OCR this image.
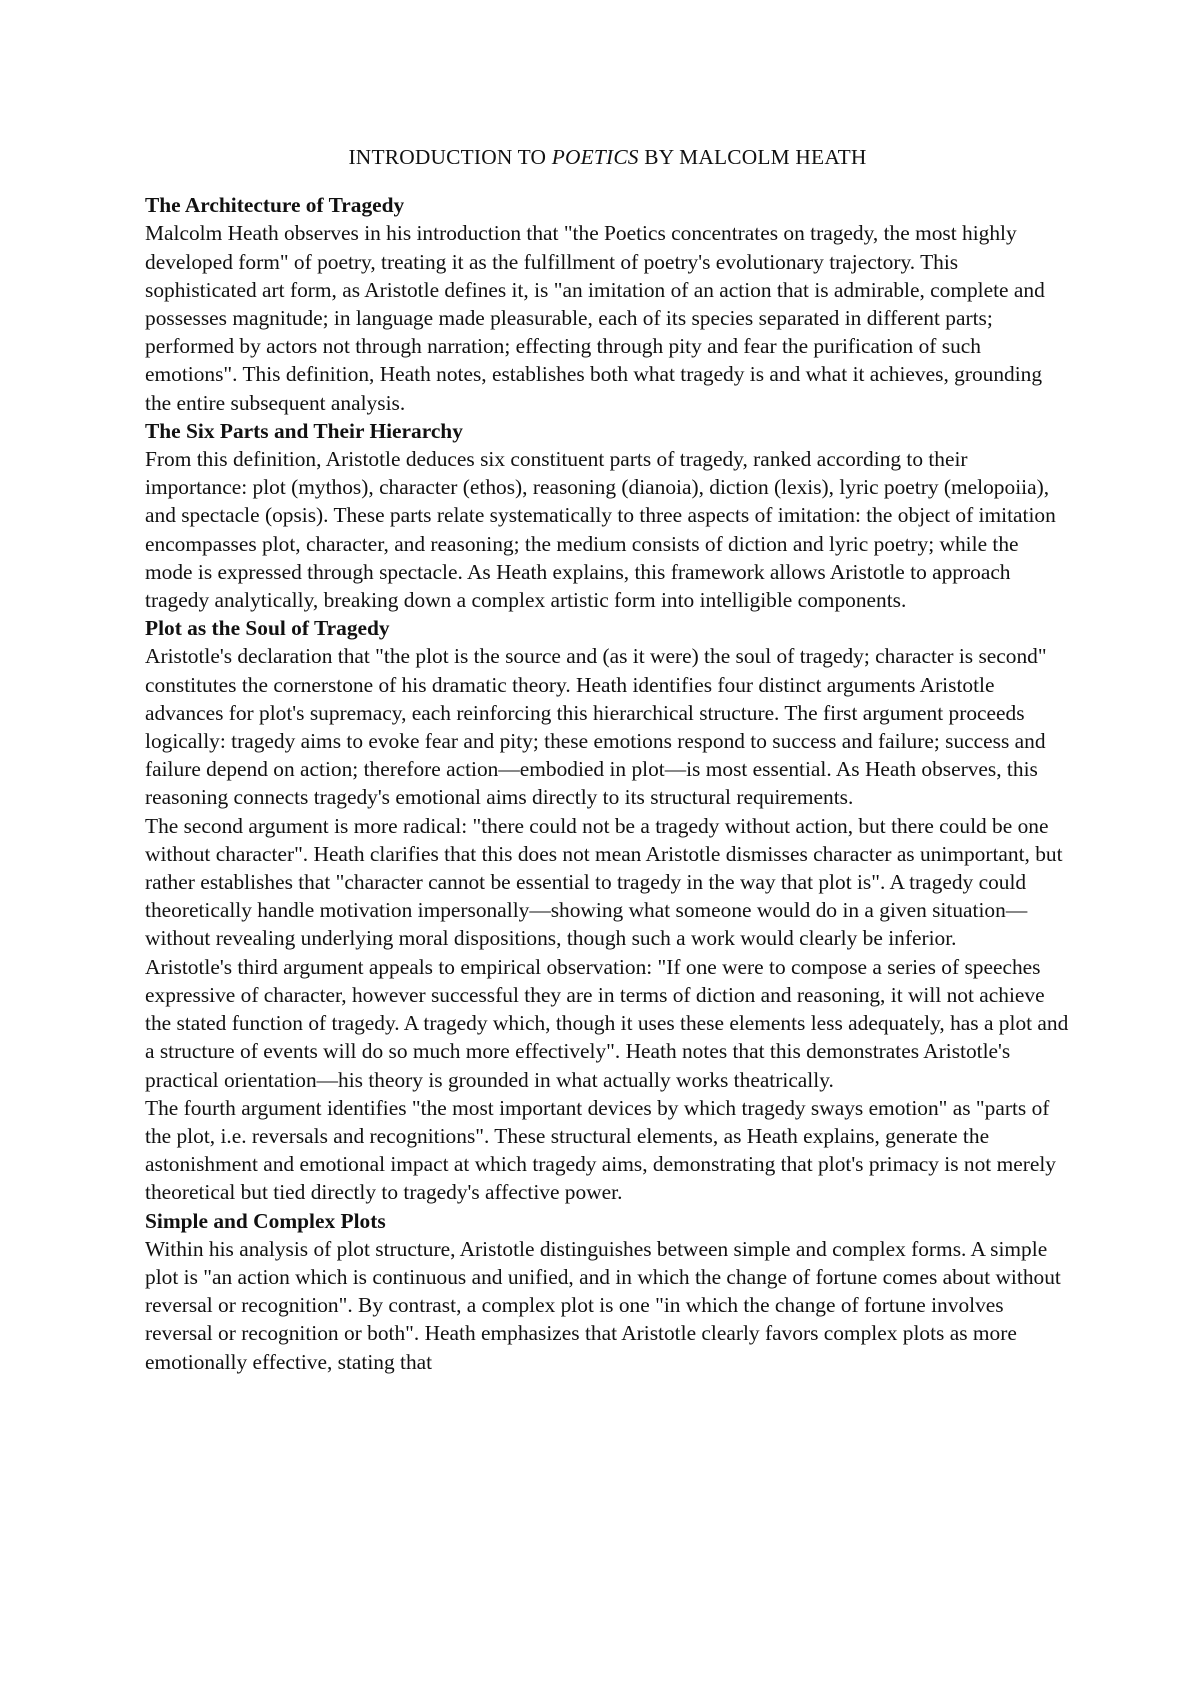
INTRODUCTION TO POETICS BY MALCOLM HEATH
The Architecture of Tragedy

Malcolm Heath observes in his introduction that "the Poetics concentrates on tragedy, the most highly developed form" of poetry, treating it as the fulfillment of poetry's evolutionary trajectory. This sophisticated art form, as Aristotle defines it, is "an imitation of an action that is admirable, complete and possesses magnitude; in language made pleasurable, each of its species separated in different parts; performed by actors not through narration; effecting through pity and fear the purification of such emotions". This definition, Heath notes, establishes both what tragedy is and what it achieves, grounding the entire subsequent analysis.

The Six Parts and Their Hierarchy

From this definition, Aristotle deduces six constituent parts of tragedy, ranked according to their importance: plot (mythos), character (ethos), reasoning (dianoia), diction (lexis), lyric poetry (melopoiia), and spectacle (opsis). These parts relate systematically to three aspects of imitation: the object of imitation encompasses plot, character, and reasoning; the medium consists of diction and lyric poetry; while the mode is expressed through spectacle. As Heath explains, this framework allows Aristotle to approach tragedy analytically, breaking down a complex artistic form into intelligible components.

Plot as the Soul of Tragedy

Aristotle's declaration that "the plot is the source and (as it were) the soul of tragedy; character is second" constitutes the cornerstone of his dramatic theory. Heath identifies four distinct arguments Aristotle advances for plot's supremacy, each reinforcing this hierarchical structure. The first argument proceeds logically: tragedy aims to evoke fear and pity; these emotions respond to success and failure; success and failure depend on action; therefore action—embodied in plot—is most essential. As Heath observes, this reasoning connects tragedy's emotional aims directly to its structural requirements.

The second argument is more radical: "there could not be a tragedy without action, but there could be one without character". Heath clarifies that this does not mean Aristotle dismisses character as unimportant, but rather establishes that "character cannot be essential to tragedy in the way that plot is". A tragedy could theoretically handle motivation impersonally—showing what someone would do in a given situation—without revealing underlying moral dispositions, though such a work would clearly be inferior.

Aristotle's third argument appeals to empirical observation: "If one were to compose a series of speeches expressive of character, however successful they are in terms of diction and reasoning, it will not achieve the stated function of tragedy. A tragedy which, though it uses these elements less adequately, has a plot and a structure of events will do so much more effectively". Heath notes that this demonstrates Aristotle's practical orientation—his theory is grounded in what actually works theatrically.

The fourth argument identifies "the most important devices by which tragedy sways emotion" as "parts of the plot, i.e. reversals and recognitions". These structural elements, as Heath explains, generate the astonishment and emotional impact at which tragedy aims, demonstrating that plot's primacy is not merely theoretical but tied directly to tragedy's affective power.

Simple and Complex Plots

Within his analysis of plot structure, Aristotle distinguishes between simple and complex forms. A simple plot is "an action which is continuous and unified, and in which the change of fortune comes about without reversal or recognition". By contrast, a complex plot is one "in which the change of fortune involves reversal or recognition or both". Heath emphasizes that Aristotle clearly favors complex plots as more emotionally effective, stating that
